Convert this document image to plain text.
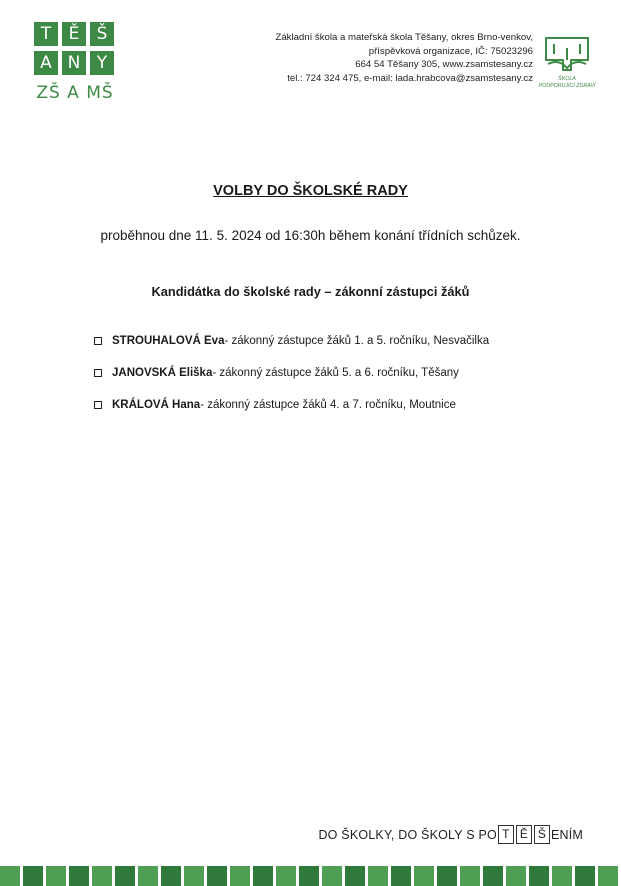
T	Ě	Š
A N Y
ZŠ A MŠ
Základní škola a mateřská škola Těšany, okres Brno-venkov,
příspěvková organizace, IČ: 75023296
664 54 Těšany 305, www.zsamstesany.cz
tel.: 724 324 475, e-mail: lada.hrabcova@zsamstesany.cz	ŠKOLA
PODPORUJÍCÍ ZDRAVÍ
VOLBY DO ŠKOLSKÉ RADY
proběhnou dne 11. 5. 2024 od 16:30h během konání třídních schůzek.
Kandidátka do školské rady – zákonní zástupci žáků
STROUHALOVÁ Eva - zákonný zástupce žáků 1. a 5. ročníku, Nesvačilka
JANOVSKÁ Eliška - zákonný zástupce žáků 5. a 6. ročníku, Těšany
KRÁLOVÁ Hana - zákonný zástupce žáků 4. a 7. ročníku, Moutnice
DO ŠKOLKY, DO ŠKOLY S PO T Ě Š ENÍM
